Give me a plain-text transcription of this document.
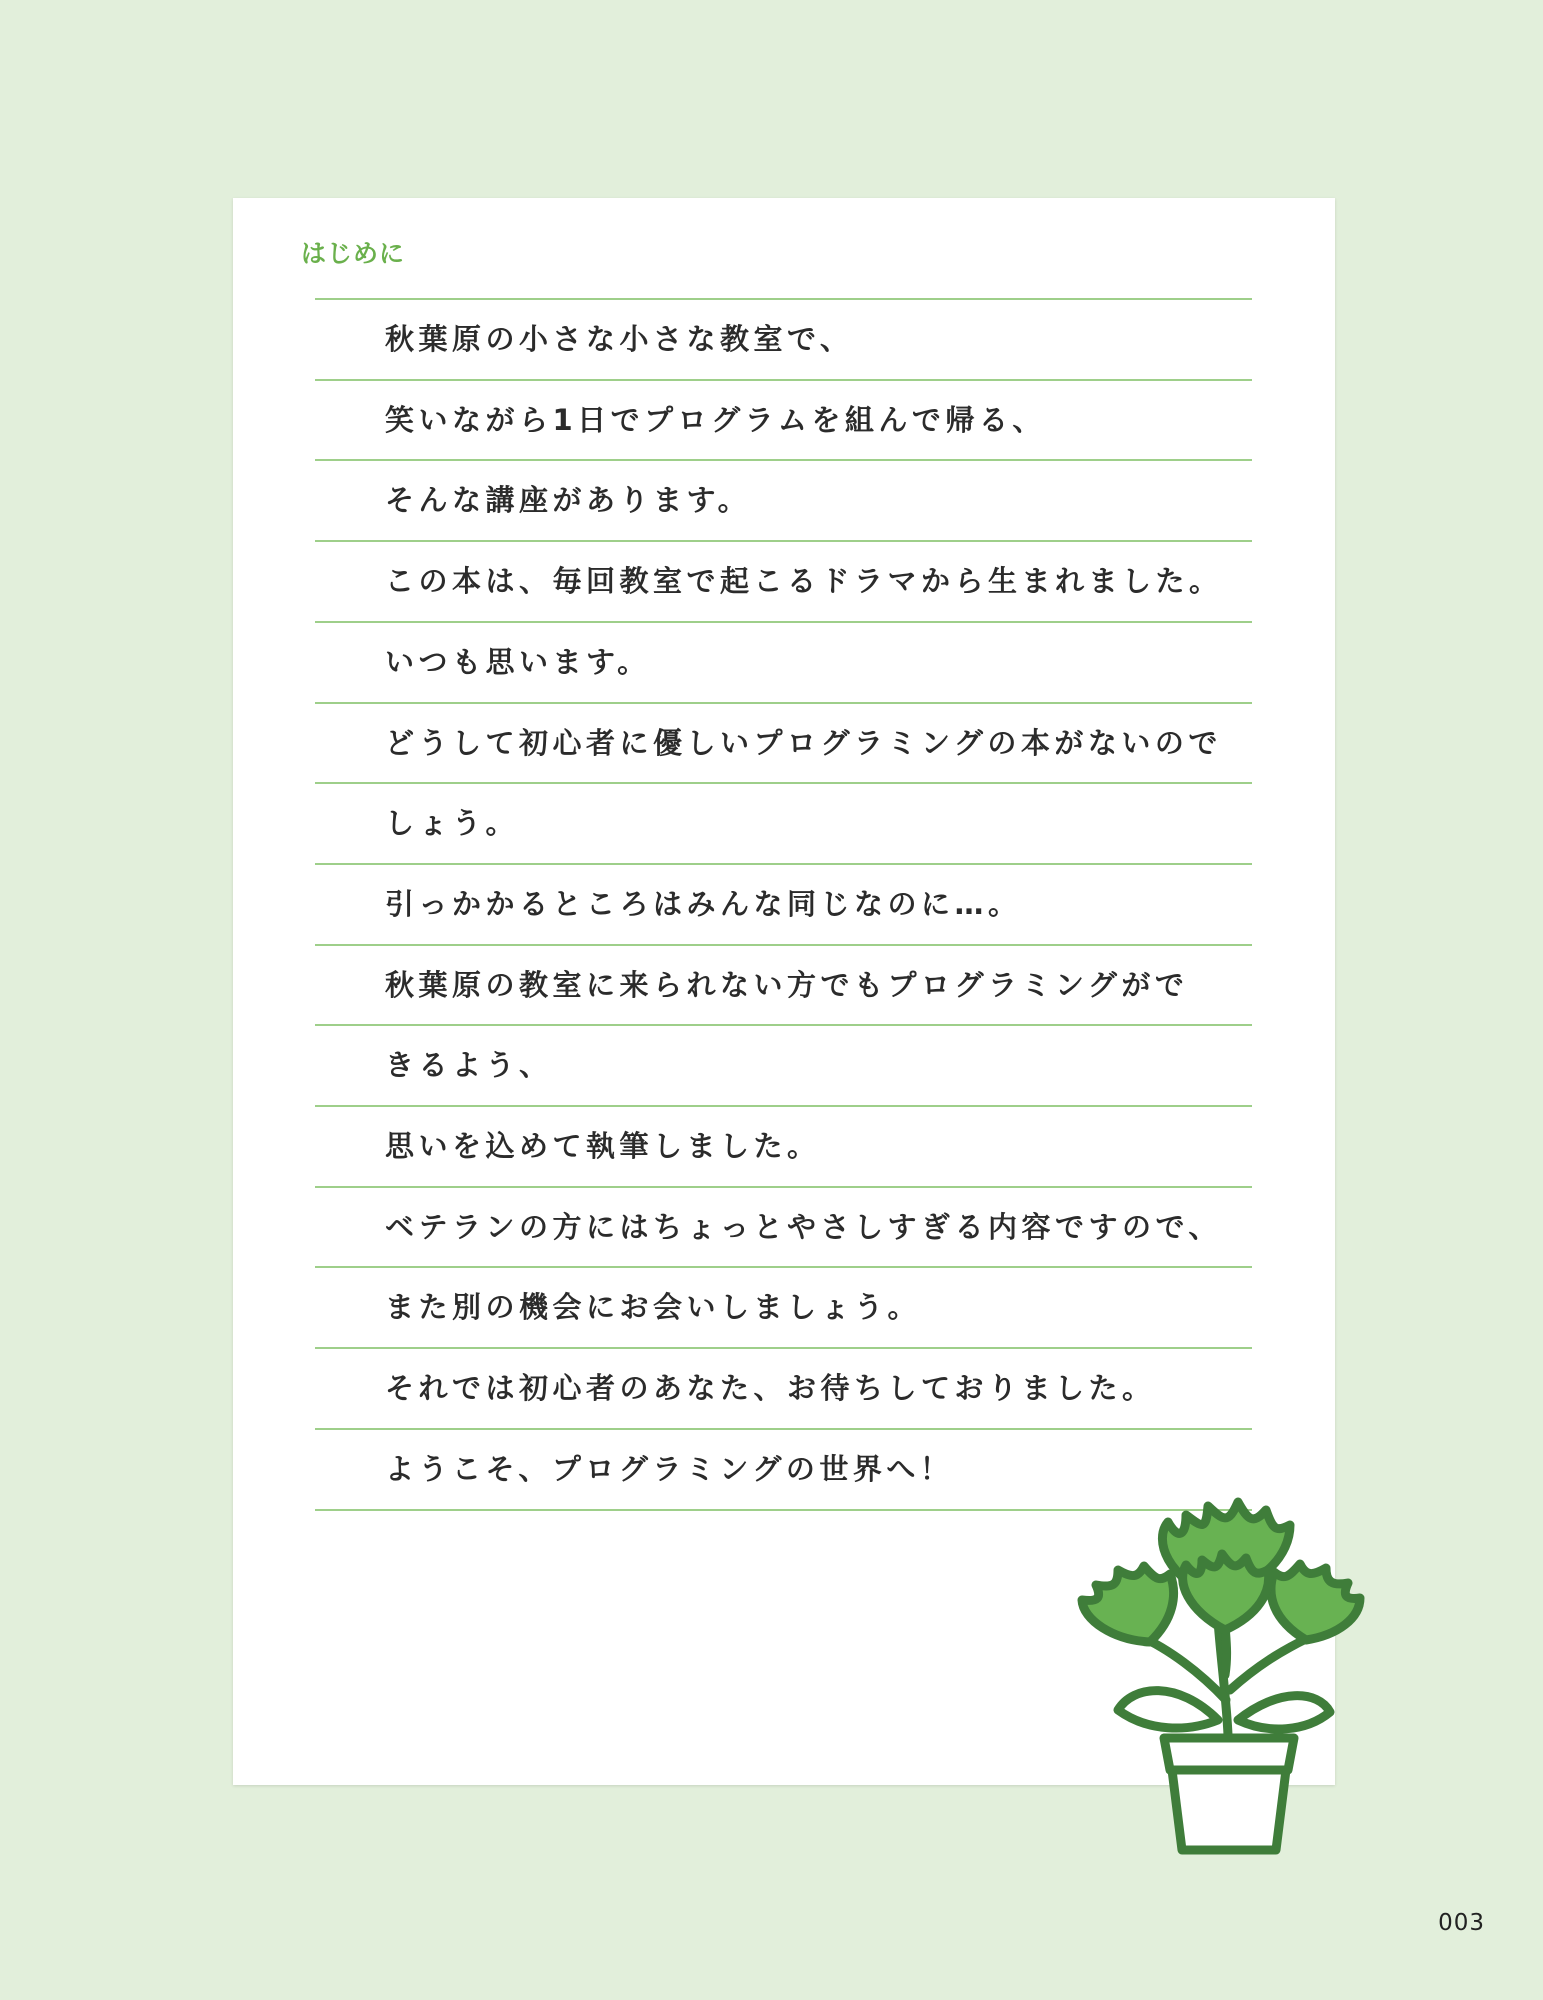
はじめに
秋葉原の小さな小さな教室で、
笑いながら1日でプログラムを組んで帰る、
そんな講座があります。
この本は、毎回教室で起こるドラマから生まれました。
いつも思います。
どうして初心者に優しいプログラミングの本がないので
しょう。
引っかかるところはみんな同じなのに…。
秋葉原の教室に来られない方でもプログラミングがで
きるよう、
思いを込めて執筆しました。
ベテランの方にはちょっとやさしすぎる内容ですので、
また別の機会にお会いしましょう。
それでは初心者のあなた、お待ちしておりました。
ようこそ、プログラミングの世界へ！

003
